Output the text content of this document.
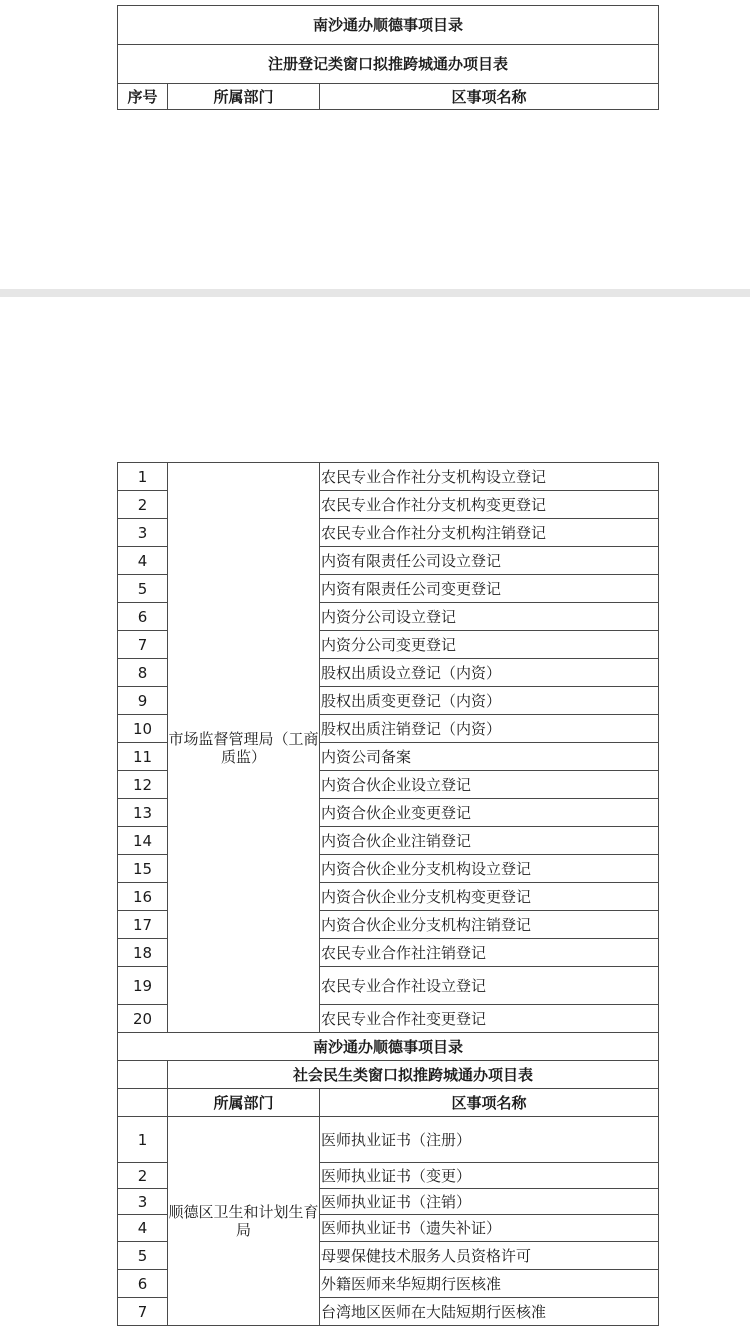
南沙通办顺德事项目录
注册登记类窗口拟推跨城通办项目表
序号	所属部门	区事项名称
1	市场监督管理局（工商质监）	农民专业合作社分支机构设立登记
2		农民专业合作社分支机构变更登记
3		农民专业合作社分支机构注销登记
4		内资有限责任公司设立登记
5		内资有限责任公司变更登记
6		内资分公司设立登记
7		内资分公司变更登记
8		股权出质设立登记（内资）
9		股权出质变更登记（内资）
10		股权出质注销登记（内资）
11		内资公司备案
12		内资合伙企业设立登记
13		内资合伙企业变更登记
14		内资合伙企业注销登记
15		内资合伙企业分支机构设立登记
16		内资合伙企业分支机构变更登记
17		内资合伙企业分支机构注销登记
18		农民专业合作社注销登记
19		农民专业合作社设立登记
20		农民专业合作社变更登记
南沙通办顺德事项目录		
	社会民生类窗口拟推跨城通办项目表	
	所属部门	区事项名称
1	顺德区卫生和计划生育局	医师执业证书（注册）
2		医师执业证书（变更）
3		医师执业证书（注销）
4		医师执业证书（遗失补证）
5		母婴保健技术服务人员资格许可
6		外籍医师来华短期行医核准
7		台湾地区医师在大陆短期行医核准
